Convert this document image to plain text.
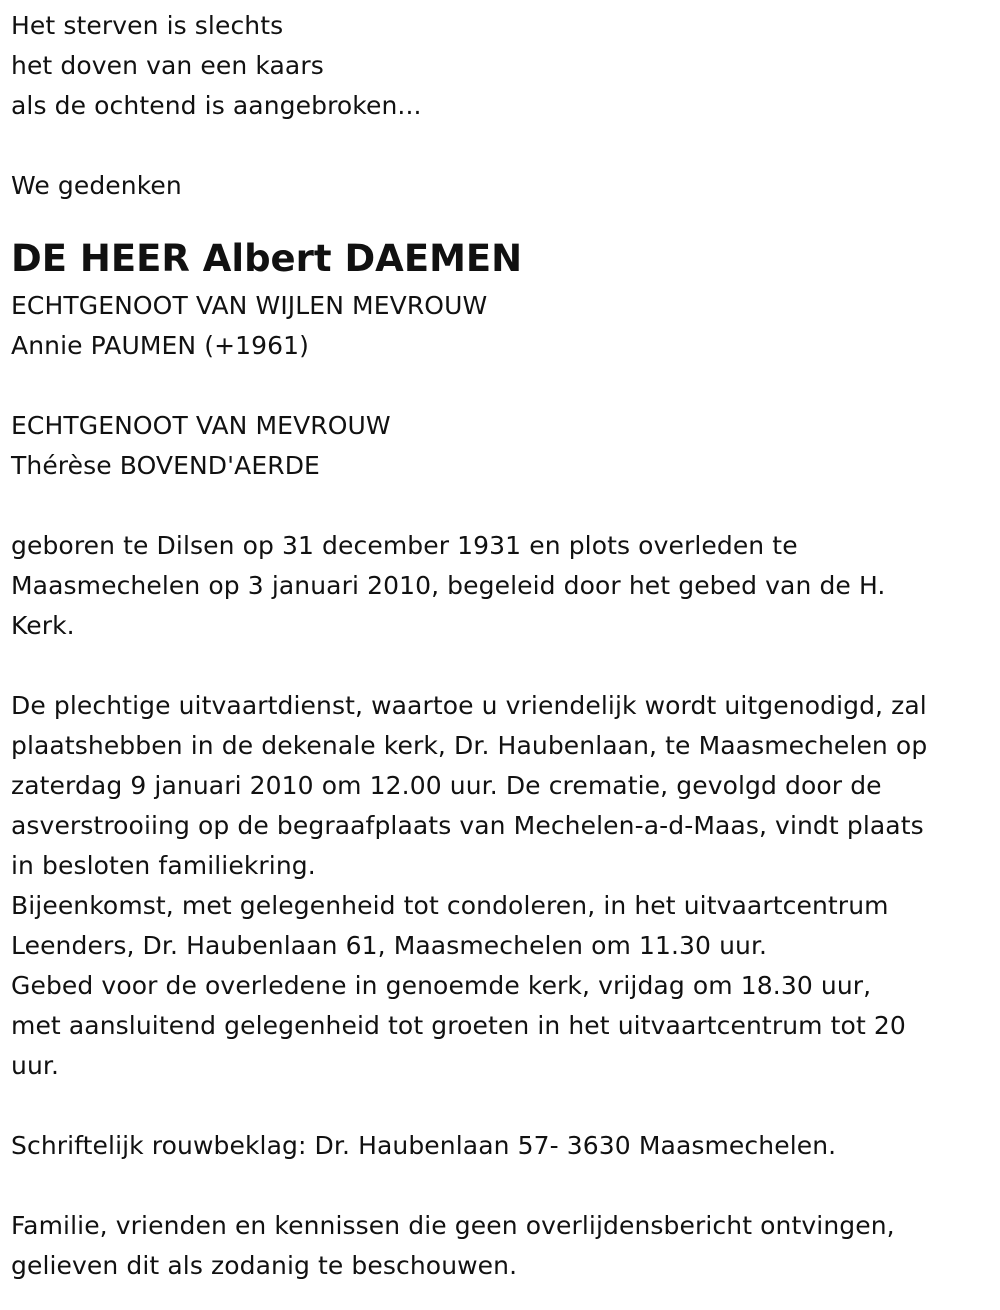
Het sterven is slechts
het doven van een kaars
als de ochtend is aangebroken...
We gedenken
DE HEER Albert DAEMEN
ECHTGENOOT VAN WIJLEN MEVROUW
Annie PAUMEN (+1961)
ECHTGENOOT VAN MEVROUW
Thérèse BOVEND'AERDE
geboren te Dilsen op 31 december 1931 en plots overleden te
Maasmechelen op 3 januari 2010, begeleid door het gebed van de H.
Kerk.
De plechtige uitvaartdienst, waartoe u vriendelijk wordt uitgenodigd, zal
plaatshebben in de dekenale kerk, Dr. Haubenlaan, te Maasmechelen op
zaterdag 9 januari 2010 om 12.00 uur. De crematie, gevolgd door de
asverstrooiing op de begraafplaats van Mechelen-a-d-Maas, vindt plaats
in besloten familiekring.
Bijeenkomst, met gelegenheid tot condoleren, in het uitvaartcentrum
Leenders, Dr. Haubenlaan 61, Maasmechelen om 11.30 uur.
Gebed voor de overledene in genoemde kerk, vrijdag om 18.30 uur,
met aansluitend gelegenheid tot groeten in het uitvaartcentrum tot 20
uur.
Schriftelijk rouwbeklag: Dr. Haubenlaan 57- 3630 Maasmechelen.
Familie, vrienden en kennissen die geen overlijdensbericht ontvingen,
gelieven dit als zodanig te beschouwen.
